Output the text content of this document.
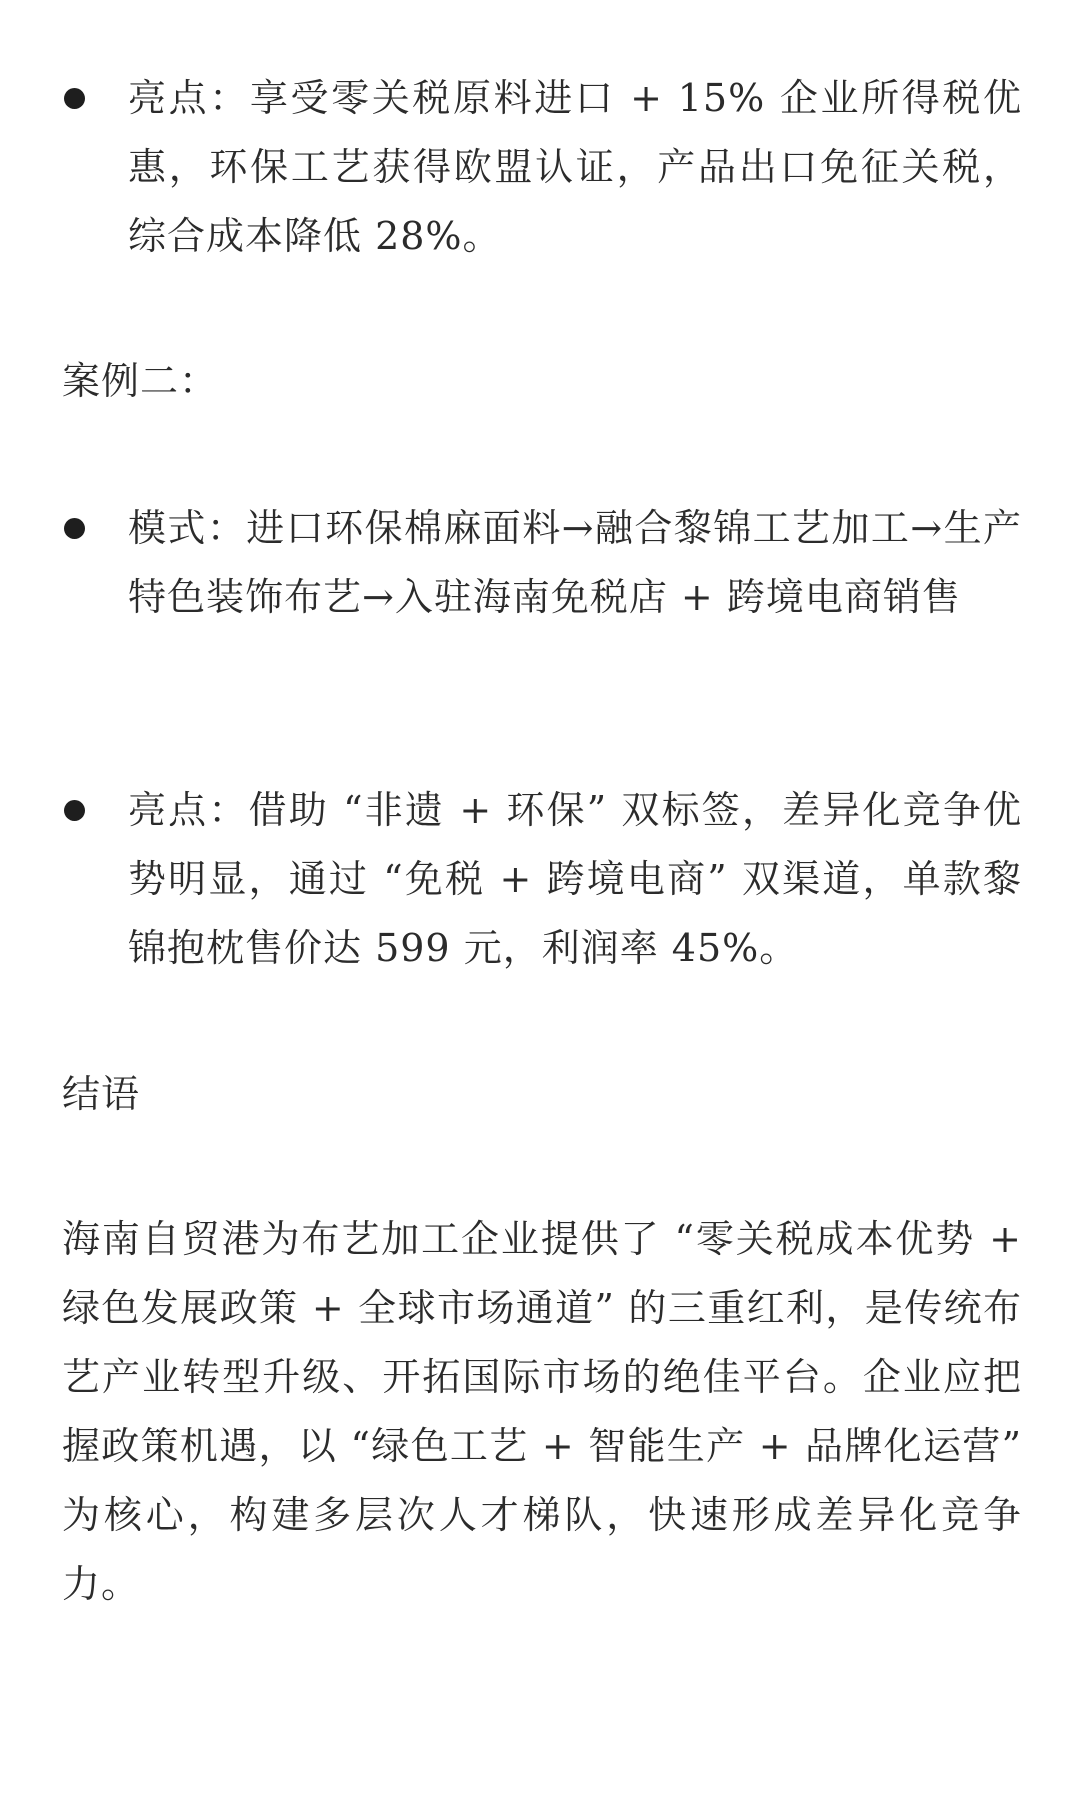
亮点：享受零关税原料进口 + 15% 企业所得税优惠，环保工艺获得欧盟认证，产品出口免征关税，综合成本降低 28%。
案例二：
模式：进口环保棉麻面料→融合黎锦工艺加工→生产特色装饰布艺→入驻海南免税店 + 跨境电商销售
亮点：借助 “非遗 + 环保” 双标签，差异化竞争优势明显，通过 “免税 + 跨境电商” 双渠道，单款黎锦抱枕售价达 599 元，利润率 45%。
结语
海南自贸港为布艺加工企业提供了 “零关税成本优势 + 绿色发展政策 + 全球市场通道” 的三重红利，是传统布艺产业转型升级、开拓国际市场的绝佳平台。企业应把握政策机遇，以 “绿色工艺 + 智能生产 + 品牌化运营” 为核心，构建多层次人才梯队，快速形成差异化竞争力。
